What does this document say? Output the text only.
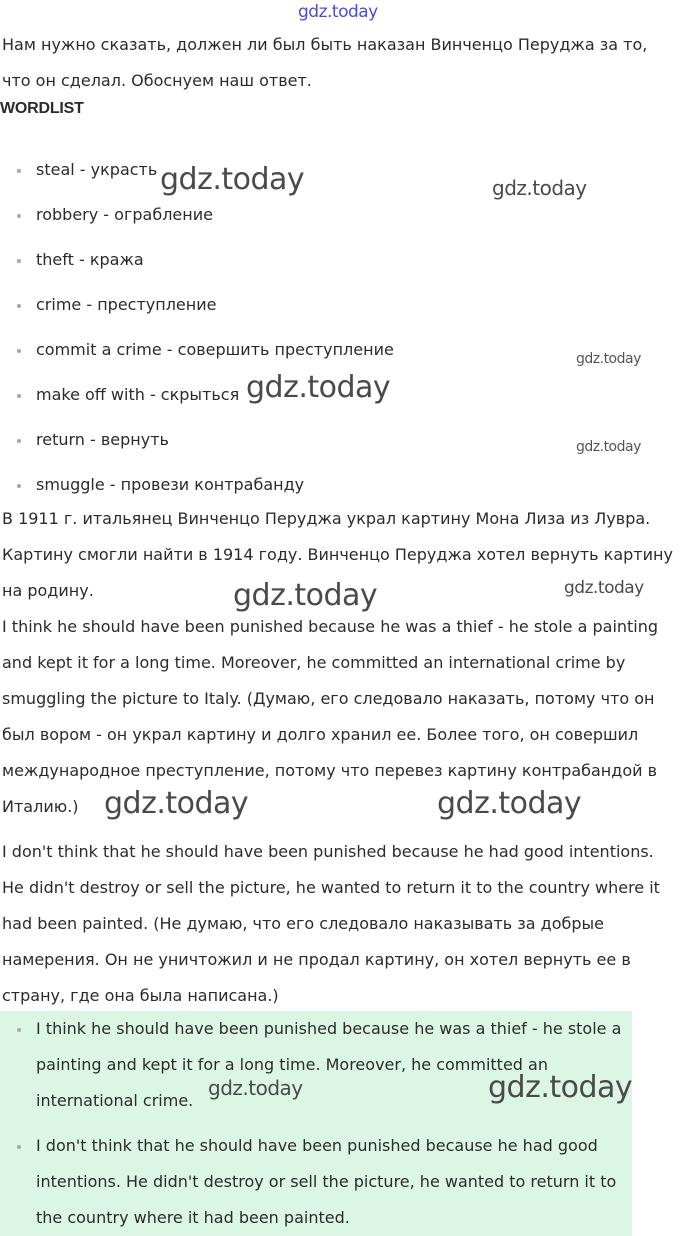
gdz.today

Нам нужно сказать, должен ли был быть наказан Винченцо Перуджа за то, что он сделал. Обоснуем наш ответ.

WORDLIST
steal - украсть
robbery - ограбление
theft - кража
crime - преступление
commit a crime - совершить преступление
make off with - скрыться
return - вернуть
smuggle - провези контрабанду

В 1911 г. итальянец Винченцо Перуджа украл картину Мона Лиза из Лувра. Картину смогли найти в 1914 году. Винченцо Перуджа хотел вернуть картину на родину.

I think he should have been punished because he was a thief - he stole a painting and kept it for a long time. Moreover, he committed an international crime by smuggling the picture to Italy. (Думаю, его следовало наказать, потому что он был вором - он украл картину и долго хранил ее. Более того, он совершил международное преступление, потому что перевез картину контрабандой в Италию.)

I don't think that he should have been punished because he had good intentions. He didn't destroy or sell the picture, he wanted to return it to the country where it had been painted. (Не думаю, что его следовало наказывать за добрые намерения. Он не уничтожил и не продал картину, он хотел вернуть ее в страну, где она была написана.)

I think he should have been punished because he was a thief - he stole a painting and kept it for a long time. Moreover, he committed an international crime.
I don't think that he should have been punished because he had good intentions. He didn't destroy or sell the picture, he wanted to return it to the country where it had been painted.
gdz.today	gdz.today
gdz.today
gdz.today
gdz.today
gdz.today	gdz.today
gdz.today	gdz.today
gdz.today	gdz.today
